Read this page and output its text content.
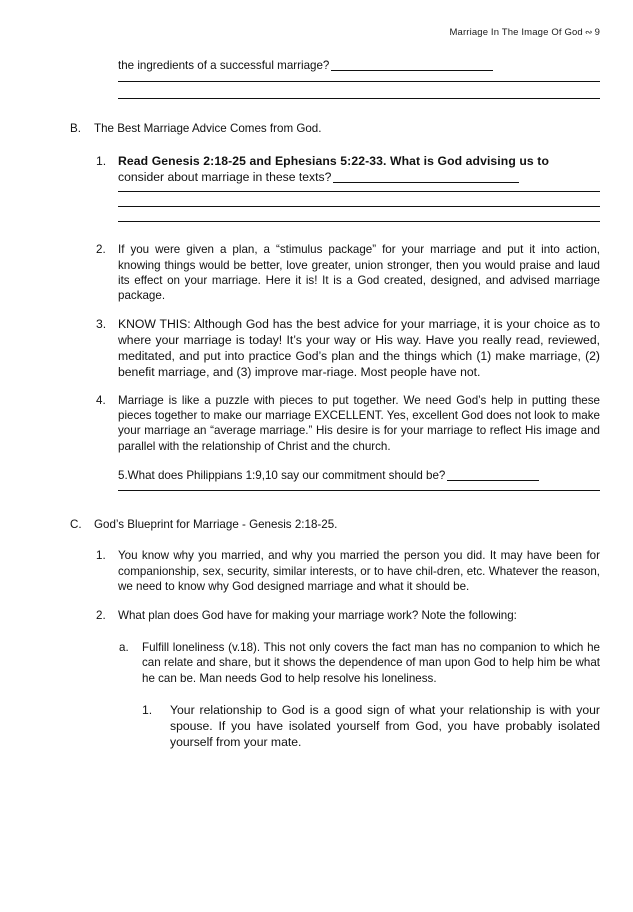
Marriage In The Image Of God ∾ 9
the ingredients of a successful marriage?
B. The Best Marriage Advice Comes from God.
1. Read Genesis 2:18-25 and Ephesians 5:22-33. What is God advising us to
consider about marriage in these texts?
2. If you were given a plan, a “stimulus package” for your marriage and put it into action, knowing things would be better, love greater, union stronger, then you would praise and laud its effect on your marriage. Here it is! It is a God created, designed, and advised marriage package.
3. KNOW THIS: Although God has the best advice for your marriage, it is your choice as to where your marriage is today! It’s your way or His way. Have you really read, reviewed, meditated, and put into practice God’s plan and the things which (1) make marriage, (2) benefit marriage, and (3) improve mar-riage. Most people have not.
4. Marriage is like a puzzle with pieces to put together. We need God’s help in putting these pieces together to make our marriage EXCELLENT. Yes, excellent God does not look to make your marriage an “average marriage.” His desire is for your marriage to reflect His image and parallel with the relationship of Christ and the church.
5.What does Philippians 1:9,10 say our commitment should be?
C. God’s Blueprint for Marriage - Genesis 2:18-25.
1. You know why you married, and why you married the person you did. It may have been for companionship, sex, security, similar interests, or to have chil-dren, etc. Whatever the reason, we need to know why God designed marriage and what it should be.
2. What plan does God have for making your marriage work? Note the following:
a. Fulfill loneliness (v.18). This not only covers the fact man has no companion to which he can relate and share, but it shows the dependence of man upon God to help him be what he can be. Man needs God to help resolve his loneliness.
1. Your relationship to God is a good sign of what your relationship is with your spouse. If you have isolated yourself from God, you have probably isolated yourself from your mate.
